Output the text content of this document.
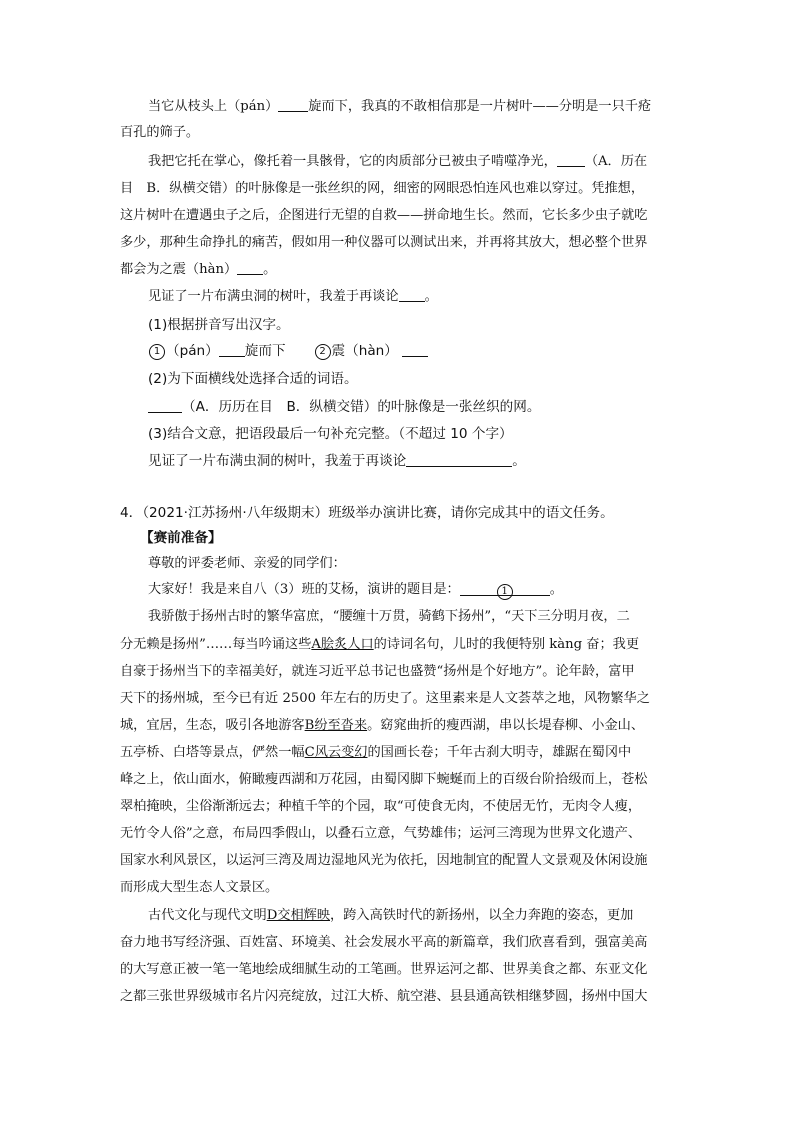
当它从枝头上（pán） 旋而下，我真的不敢相信那是一片树叶——分明是一只千疮
百孔的筛子。
我把它托在掌心，像托着一具骸骨，它的肉质部分已被虫子啃噬净光， （A．历在
目　B．纵横交错）的叶脉像是一张丝织的网，细密的网眼恐怕连风也难以穿过。凭推想，
这片树叶在遭遇虫子之后，企图进行无望的自救——拼命地生长。然而，它长多少虫子就吃
多少，那种生命挣扎的痛苦，假如用一种仪器可以测试出来，并再将其放大，想必整个世界
都会为之震（hàn） 。
见证了一片布满虫洞的树叶，我羞于再谈论 。
(1)根据拼音写出汉字。
1 （pán） 旋而下	2 震（hàn）
(2)为下面横线处选择合适的词语。
（A．历历在目　B．纵横交错）的叶脉像是一张丝织的网。
(3)结合文意，把语段最后一句补充完整。（不超过 10 个字）
见证了一片布满虫洞的树叶，我羞于再谈论	。
4．（2021·江苏扬州·八年级期末）班级举办演讲比赛，请你完成其中的语文任务。
【赛前准备】
尊敬的评委老师、亲爱的同学们：
大家好！我是来自八（3）班的艾杨，演讲的题目是：	1	。
我骄傲于扬州古时的繁华富庶，“腰缠十万贯，骑鹤下扬州”，“天下三分明月夜，二
分无赖是扬州”……每当吟诵这些A脍炙人口的诗词名句，儿时的我便特别 kàng 奋；我更
自豪于扬州当下的幸福美好，就连习近平总书记也盛赞“扬州是个好地方”。论年龄，富甲
天下的扬州城，至今已有近 2500 年左右的历史了。这里素来是人文荟萃之地，风物繁华之
城，宜居，生态，吸引各地游客B纷至沓来。窈窕曲折的瘦西湖，串以长堤春柳、小金山、
五亭桥、白塔等景点，俨然一幅C风云变幻的国画长卷；千年古刹大明寺，雄踞在蜀冈中
峰之上，依山面水，俯瞰瘦西湖和万花园，由蜀冈脚下蜿蜒而上的百级台阶拾级而上，苍松
翠柏掩映，尘俗渐渐远去；种植千竿的个园，取“可使食无肉，不使居无竹，无肉令人瘦，
无竹令人俗”之意，布局四季假山，以叠石立意，气势雄伟；运河三湾现为世界文化遗产、
国家水利风景区，以运河三湾及周边湿地风光为依托，因地制宜的配置人文景观及休闲设施
而形成大型生态人文景区。
古代文化与现代文明D交相辉映，跨入高铁时代的新扬州，以全力奔跑的姿态，更加
奋力地书写经济强、百姓富、环境美、社会发展水平高的新篇章，我们欣喜看到，强富美高
的大写意正被一笔一笔地绘成细腻生动的工笔画。世界运河之都、世界美食之都、东亚文化
之都三张世界级城市名片闪亮绽放，过江大桥、航空港、县县通高铁相继梦圆，扬州中国大
